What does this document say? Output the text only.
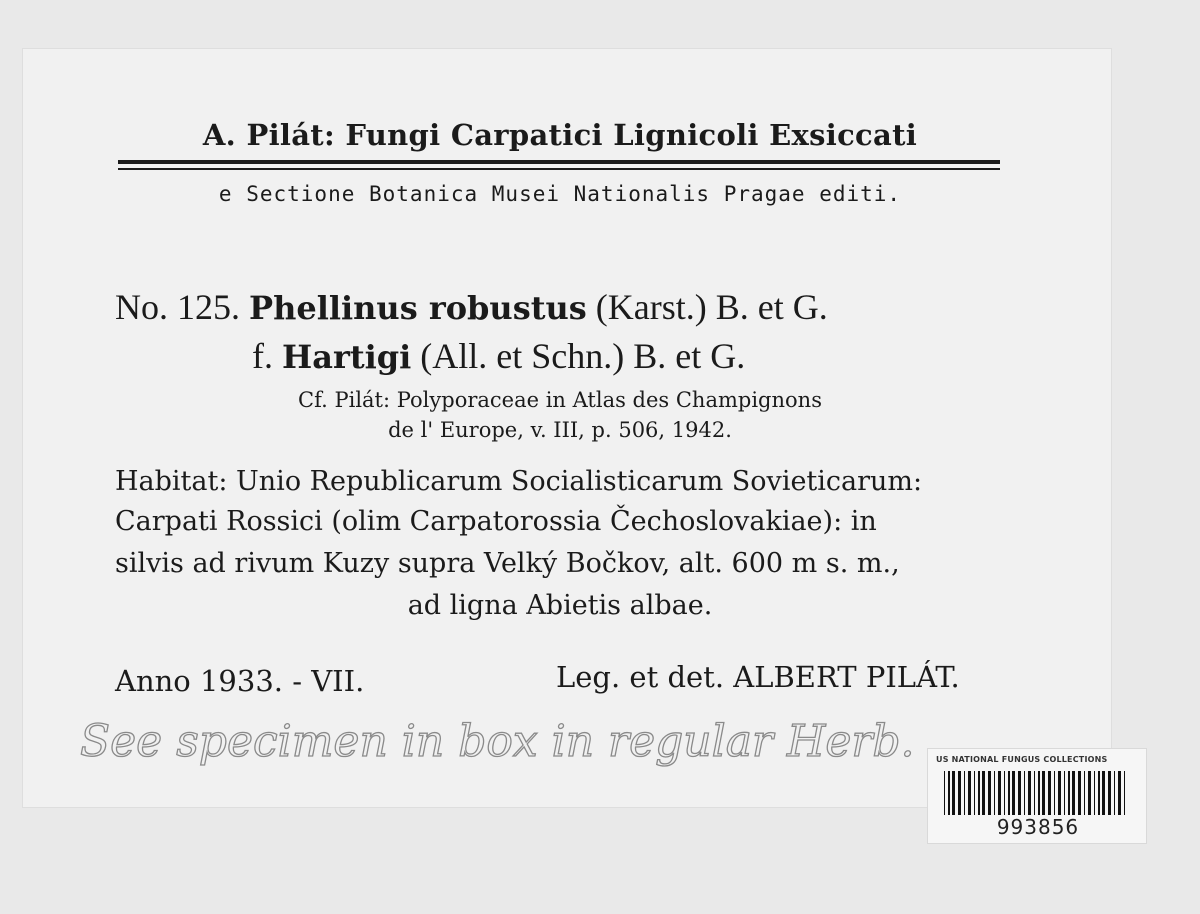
A. Pilát: Fungi Carpatici Lignicoli Exsiccati
e Sectione Botanica Musei Nationalis Pragae editi.
No. 125. Phellinus robustus (Karst.) B. et G.
f. Hartigi (All. et Schn.) B. et G.
Cf. Pilát: Polyporaceae in Atlas des Champignons
de l' Europe, v. III, p. 506, 1942.
Habitat: Unio Republicarum Socialisticarum Sovieticarum:
Carpati Rossici (olim Carpatorossia Čechoslovakiae): in
silvis ad rivum Kuzy supra Velký Bočkov, alt. 600 m s. m.,
ad ligna Abietis albae.
Anno 1933. - VII.	Leg. et det. ALBERT PILÁT.
See specimen in box in regular Herb.	US NATIONAL FUNGUS COLLECTIONS
993856
